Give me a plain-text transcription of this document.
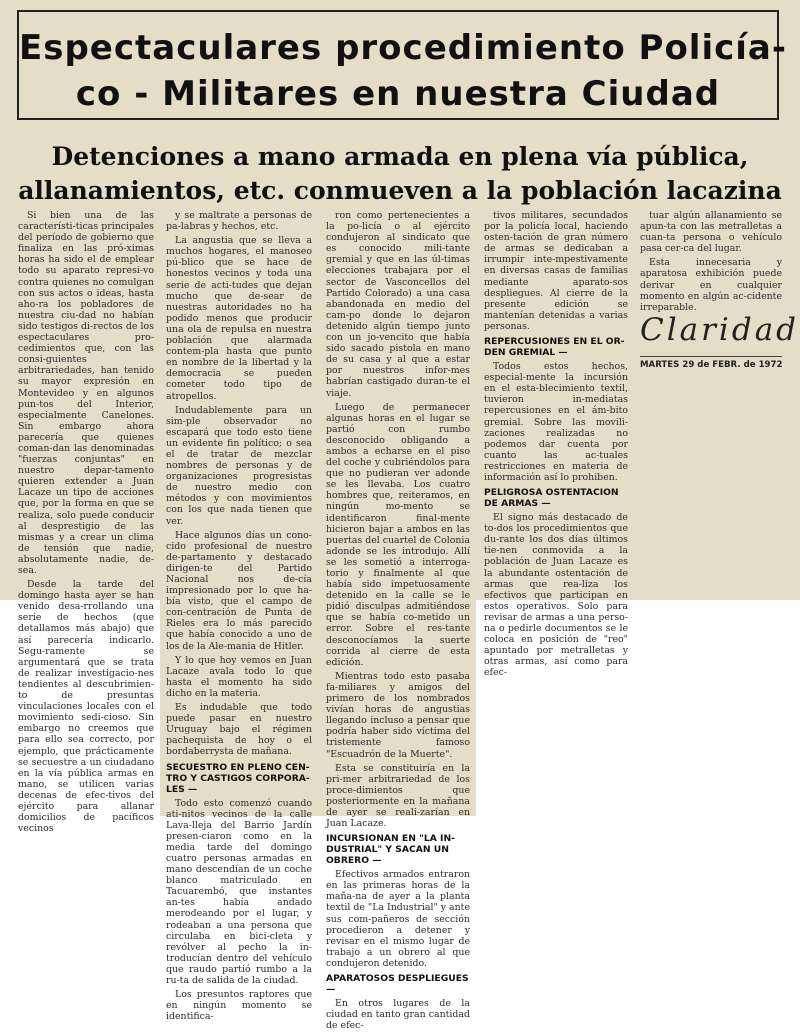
Espectaculares procedimiento Policía-
co - Militares en nuestra Ciudad
Detenciones a mano armada en plena vía pública,
allanamientos, etc. conmueven a la población lacazina

Si bien una de las característi-ticas principales del período de gobierno que finaliza en las pró-ximas horas ha sido el de emplear todo su aparato represi-vo contra quienes no comulgan con sus actos o ideas, hasta aho-ra los pobladores de nuestra ciu-dad no habían sido testigos di-rectos de los espectaculares pro-cedimientos que, con las consi-guientes arbitrariedades, han tenido su mayor expresión en Montevideo y en algunos pun-tos del Interior, especialmente Canelones. Sin embargo ahora parecería que quienes coman-dan las denominadas "fuerzas conjuntas" en nuestro depar-tamento quieren extender a Juan Lacaze un tipo de acciones que, por la forma en que se realiza, solo puede conducir al desprestigio de las mismas y a crear un clima de tensión que nadie, absolutamente nadie, de-sea.

Desde la tarde del domingo hasta ayer se han venido desa-rrollando una serie de hechos (que detallamos más abajo) que así parecería indicarlo. Segu-ramente se argumentará que se trata de realizar investigacio-nes tendientes al descubrimien-to de presuntas vinculaciones locales con el movimiento sedi-cioso. Sin embargo no creemos que para ello sea correcto, por ejemplo, que prácticamente se secuestre a un ciudadano en la vía pública armas en mano, se utilicen varias decenas de efec-tivos del ejército para allanar domicilios de pacíficos vecinos

y se maltrate a personas de pa-labras y hechos, etc.

La angustia que se lleva a muchos hogares, el manoseo pú-blico que se hace de honestos vecinos y toda una serie de acti-tudes que dejan mucho que de-sear de nuestras autoridades no ha podido menos que producir una ola de repulsa en nuestra población que alarmada contem-pla hasta que punto en nombre de la libertad y la democracia se pueden cometer todo tipo de atropellos.

Indudablemente para un sim-ple observador no escapará que todo esto tiene un evidente fin político; o sea el de tratar de mezclar nombres de personas y de organizaciones progresistas de nuestro medio con métodos y con movimientos con los que nada tienen que ver.

Hace algunos días un cono-cido profesional de nuestro de-partamento y destacado dirigen-te del Partido Nacional nos de-cía impresionado por lo que ha-bía visto, que el campo de con-centración de Punta de Rieles era lo más parecido que había conocido a uno de los de la Ale-mania de Hitler.

Y lo que hoy vemos en Juan Lacaze avala todo lo que hasta el momento ha sido dicho en la materia.

Es indudable que todo puede pasar en nuestro Uruguay bajo el régimen pachequista de hoy o el bordaberrysta de mañana.

SECUESTRO EN PLENO CEN-TRO Y CASTIGOS CORPORA-LES —

Todo esto comenzó cuando ati-nitos vecinos de la calle Lava-lleja del Barrio Jardín presen-ciaron como en la media tarde del domingo cuatro personas armadas en mano descendían de un coche blanco matriculado en Tacuarembó, que instantes an-tes había andado merodeando por el lugar, y rodeaban a una persona que circulaba en bici-cleta y revólver al pecho la in-troducían dentro del vehículo que raudo partió rumbo a la ru-ta de salida de la ciudad.

Los presuntos raptores que en ningún momento se identifica-

ron como pertenecientes a la po-licía o al ejército condujeron al sindicato que es conocido mili-tante gremial y que en las úl-timas elecciones trabajara por el sector de Vasconcellos del Partido Colorado) a una casa abandonada en medio del cam-po donde lo dejaron detenido algún tiempo junto con un jo-vencito que había sido sacado pistola en mano de su casa y al que a estar por nuestros infor-mes habrían castigado duran-te el viaje.

Luego de permanecer algunas horas en el lugar se partió con rumbo desconocido obligando a ambos a echarse en el piso del coche y cubriéndolos para que no pudieran ver adonde se les llevaba. Los cuatro hombres que, reiteramos, en ningún mo-mento se identificaron final-mente hicieron bajar a ambos en las puertas del cuartel de Colonia adonde se les introdujo. Allí se les sometió a interroga-torio y finalmente al que había sido impetuosamente detenido en la calle se le pidió disculpas admitiéndose que se había co-metido un error. Sobre el res-tante desconocíamos la suerte corrida al cierre de esta edición.

Mientras todo esto pasaba fa-miliares y amigos del primero de los nombrados vivían horas de angustias llegando incluso a pensar que podría haber sido víctima del tristemente famoso "Escuadrón de la Muerte".

Esta se constituiría en la pri-mer arbitrariedad de los proce-dimientos que posteriormente en la mañana de ayer se reali-zarían en Juan Lacaze.

INCURSIONAN EN "LA IN-DUSTRIAL" Y SACAN UN OBRERO —

Efectivos armados entraron en las primeras horas de la maña-na de ayer a la planta textil de "La Industrial" y ante sus com-pañeros de sección procedieron a detener y revisar en el mismo lugar de trabajo a un obrero al que condujeron detenido.

APARATOSOS DESPLIEGUES —

En otros lugares de la ciudad en tanto gran cantidad de efec-

tivos militares, secundados por la policía local, haciendo osten-tación de gran número de armas se dedicaban a irrumpir inte-mpestivamente en diversas casas de familias mediante aparato-sos despliegues. Al cierre de la presente edición se mantenían detenidas a varias personas.

REPERCUSIONES EN EL OR-DEN GREMIAL —

Todos estos hechos, especial-mente la incursión en el esta-blecimiento textil, tuvieron in-mediatas repercusiones en el ám-bito gremial. Sobre las movili-zaciones realizadas no podemos dar cuenta por cuanto las ac-tuales restricciones en materia de información así lo prohiben.

PELIGROSA OSTENTACION DE ARMAS —

El signo más destacado de to-dos los procedimientos que du-rante los dos días últimos tie-nen conmovida a la población de Juan Lacaze es la abundante ostentación de armas que rea-liza los efectivos que participan en estos operativos. Solo para revisar de armas a una perso-na o pedirle documentos se le coloca en posición de "reo" apuntado por metralletas y otras armas, así como para efec-

tuar algún allanamiento se apun-ta con las metralletas a cuan-ta persona o vehículo pasa cer-ca del lugar.

Esta innecesaria y aparatosa exhibición puede derivar en cualquier momento en algún ac-cidente irreparable.

Claridad
MARTES 29 de FEBR. de 1972
